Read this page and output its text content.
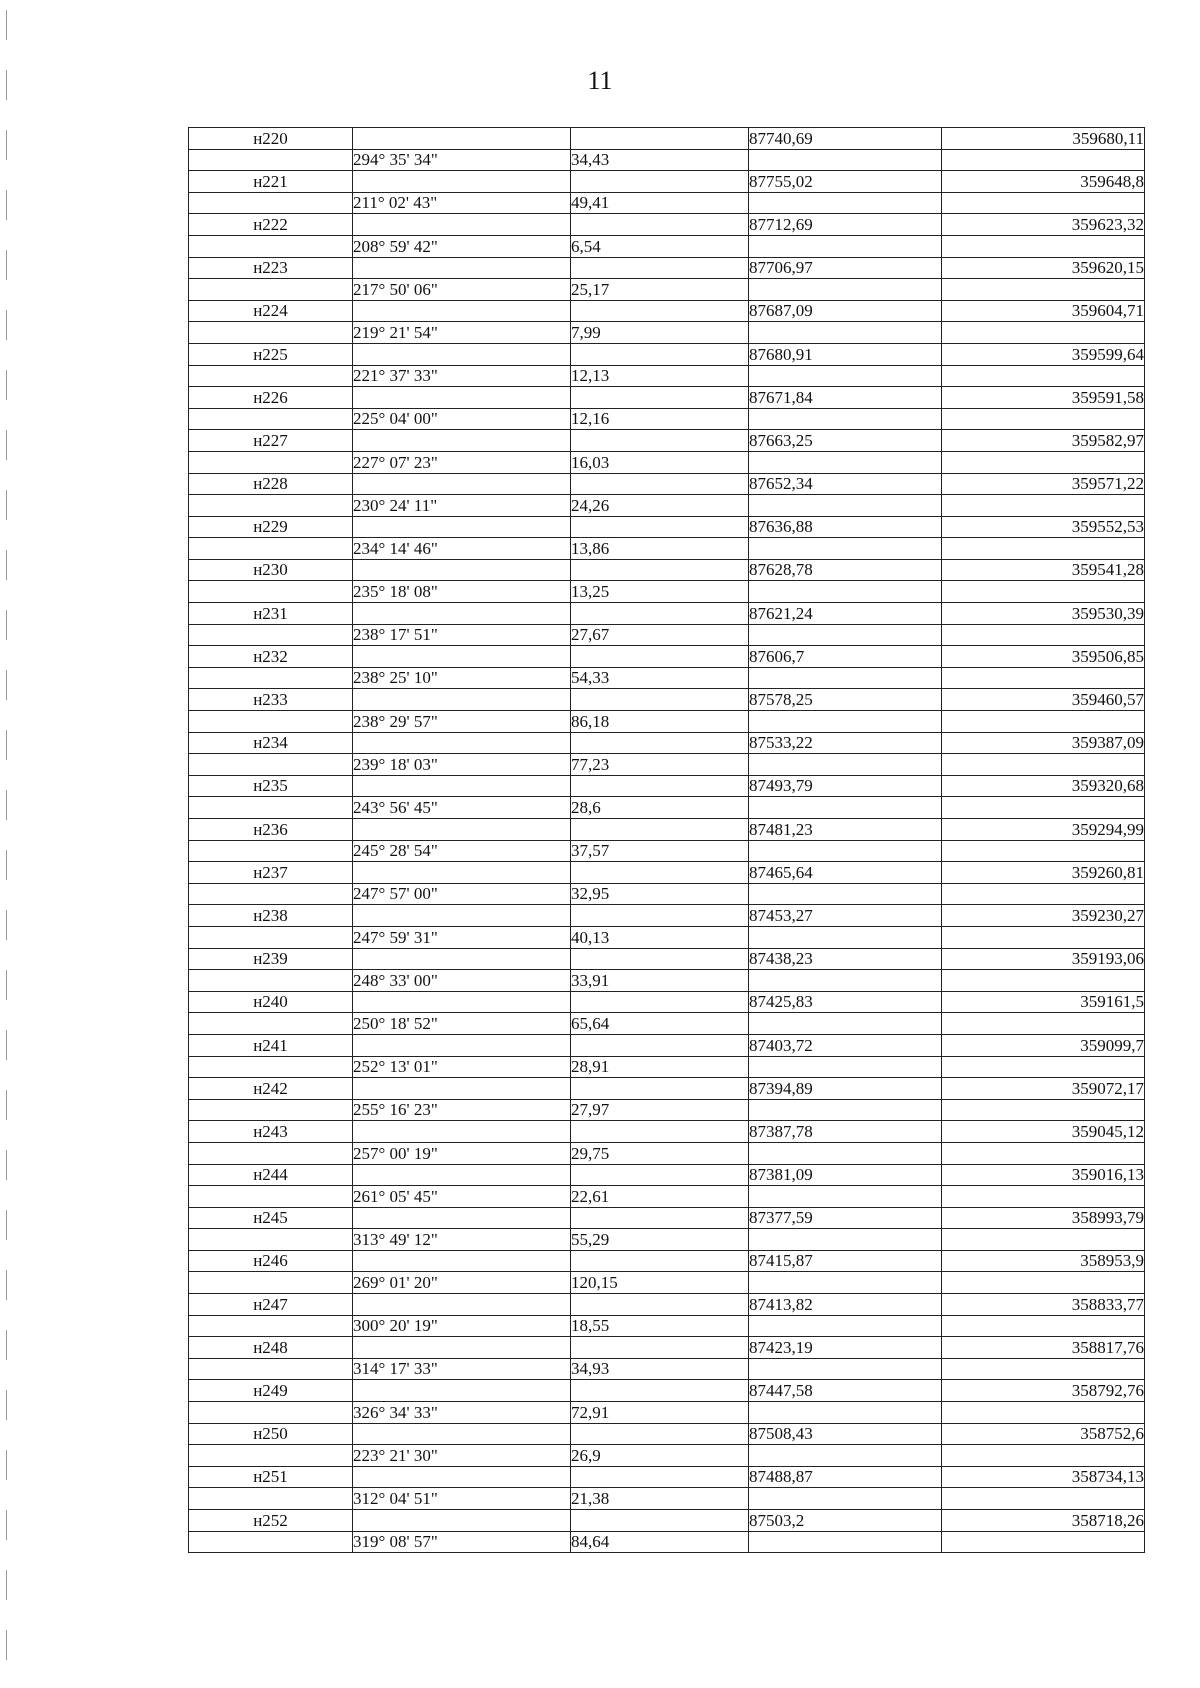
11
н220			87740,69	359680,11
	294° 35' 34"	34,43		
н221			87755,02	359648,8
	211° 02' 43"	49,41		
н222			87712,69	359623,32
	208° 59' 42"	6,54		
н223			87706,97	359620,15
	217° 50' 06"	25,17		
н224			87687,09	359604,71
	219° 21' 54"	7,99		
н225			87680,91	359599,64
	221° 37' 33"	12,13		
н226			87671,84	359591,58
	225° 04' 00"	12,16		
н227			87663,25	359582,97
	227° 07' 23"	16,03		
н228			87652,34	359571,22
	230° 24' 11"	24,26		
н229			87636,88	359552,53
	234° 14' 46"	13,86		
н230			87628,78	359541,28
	235° 18' 08"	13,25		
н231			87621,24	359530,39
	238° 17' 51"	27,67		
н232			87606,7	359506,85
	238° 25' 10"	54,33		
н233			87578,25	359460,57
	238° 29' 57"	86,18		
н234			87533,22	359387,09
	239° 18' 03"	77,23		
н235			87493,79	359320,68
	243° 56' 45"	28,6		
н236			87481,23	359294,99
	245° 28' 54"	37,57		
н237			87465,64	359260,81
	247° 57' 00"	32,95		
н238			87453,27	359230,27
	247° 59' 31"	40,13		
н239			87438,23	359193,06
	248° 33' 00"	33,91		
н240			87425,83	359161,5
	250° 18' 52"	65,64		
н241			87403,72	359099,7
	252° 13' 01"	28,91		
н242			87394,89	359072,17
	255° 16' 23"	27,97		
н243			87387,78	359045,12
	257° 00' 19"	29,75		
н244			87381,09	359016,13
	261° 05' 45"	22,61		
н245			87377,59	358993,79
	313° 49' 12"	55,29		
н246			87415,87	358953,9
	269° 01' 20"	120,15		
н247			87413,82	358833,77
	300° 20' 19"	18,55		
н248			87423,19	358817,76
	314° 17' 33"	34,93		
н249			87447,58	358792,76
	326° 34' 33"	72,91		
н250			87508,43	358752,6
	223° 21' 30"	26,9		
н251			87488,87	358734,13
	312° 04' 51"	21,38		
н252			87503,2	358718,26
	319° 08' 57"	84,64		
